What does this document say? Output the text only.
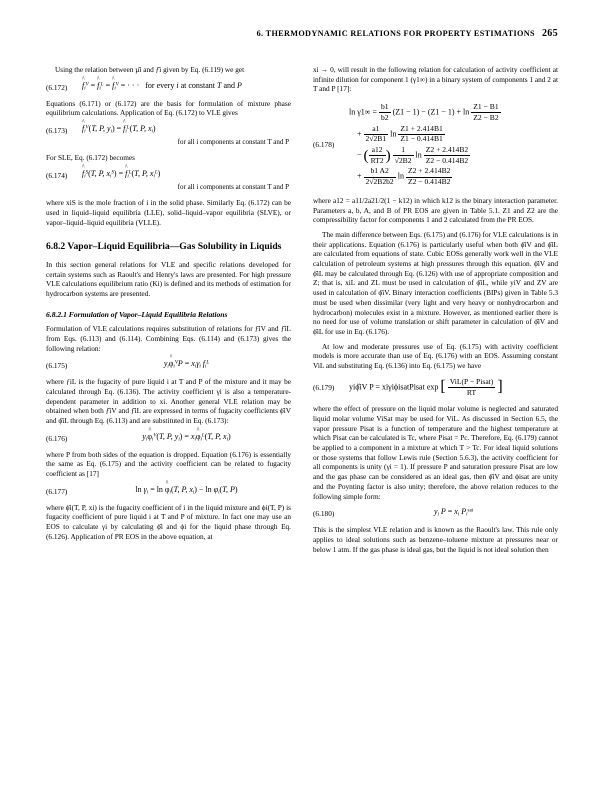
6. THERMODYNAMIC RELATIONS FOR PROPERTY ESTIMATIONS 265

Using the relation between µ̂i and ƒ̂i given by Eq. (6.119) we get

(6.172)	^ $f_i^V$ = ^ $f_i^L$ = ^ $f_i^V$ = · · ·   for every i at constant T and P

Equations (6.171) or (6.172) are the basis for formulation of mixture phase equilibrium calculations. Application of Eq. (6.172) to VLE gives

(6.173)	^ $f_i^V(T$, P, $y_i$) = ^ $f_i^L(T$, P, $x_i$)
for all i components at constant T and P

For SLE, Eq. (6.172) becomes

(6.174)	^ $f_i^S(T$, P, $x_i^S$) = ^ $f_i^L(T$, P, $x_i^L$)
for all i components at constant T and P

where xiS is the mole fraction of i in the solid phase. Similarly Eq. (6.172) can be used in liquid–liquid equilibria (LLE), solid–liquid–vapor equilibria (SLVE), or vapor–liquid–liquid equilibria (VLLE).

6.8.2 Vapor–Liquid Equilibria—Gas Solubility in Liquids

In this section general relations for VLE and specific relations developed for certain systems such as Raoult's and Henry's laws are presented. For high pressure VLE calculations equilibrium ratio (Ki) is defined and its methods of estimation for hydrocarbon systems are presented.

6.8.2.1 Formulation of Vapor–Liquid Equilibria Relations

Formulation of VLE calculations requires substitution of relations for ƒ̂iV and ƒ̂iL from Eqs. (6.113) and (6.114). Combining Eqs. (6.114) and (6.173) gives the following relation:

(6.175)	$y_i\^{}$ $\varphi_i^VP = x_i\gamma_i$ $f_i^L$

where ƒiL is the fugacity of pure liquid i at T and P of the mixture and it may be calculated through Eq. (6.136). The activity coefficient γi is also a temperature-dependent parameter in addition to xi. Another general VLE relation may be obtained when both ƒ̂iV and ƒ̂iL are expressed in terms of fugacity coefficients ϕ̂iV and ϕ̂iL through Eq. (6.113) and are substituted in Eq. (6.173):

(6.176)	$y_i\^{}$ $\varphi_i^V(T$, P, $y_i$) = $x_i\^{}$ $\varphi_i^L(T$, P, $x_i$)

where P from both sides of the equation is dropped. Equation (6.176) is essentially the same as Eq. (6.175) and the activity coefficient can be related to fugacity coefficient as [17]

(6.177)	$\ln \gamma_i = \ln$ ^ $\varphi_i(T$, P, $x_i) - \ln \varphi_i(T$, P)

where ϕ̂i(T, P, xi) is the fugacity coefficient of i in the liquid mixture and ϕi(T, P) is fugacity coefficient of pure liquid i at T and P of mixture. In fact one may use an EOS to calculate γi by calculating ϕ̂i and ϕi for the liquid phase through Eq. (6.126). Application of PR EOS in the above equation, at

xi → 0, will result in the following relation for calculation of activity coefficient at infinite dilution for component 1 (γ1∞) in a binary system of components 1 and 2 at T and P [17]:

(6.178)
$\ln \gamma 1\infty = \frac{b1}{b2} (Z1 - 1) - (Z1 - 1) + \ln \frac{Z1 - B1}{Z2 - B2}$
+ $\frac{a1}{2√2B1}$ $\ln \frac{Z1 + 2.414B1}{Z1 - 0.414B1}$
− ( $\frac{a12}{RT2}$ ) $\frac{1}{√2B2}$ $\ln \frac{Z2 + 2.414B2}{Z2 - 0.414B2}$
+ $\frac{b1 A2}{2√2B2b2}$ $\ln \frac{Z2 + 2.414B2}{Z2 - 0.414B2}$

where a12 = a11/2a21/2(1 − k12) in which k12 is the binary interaction parameter. Parameters a, b, A, and B of PR EOS are given in Table 5.1. Z1 and Z2 are the compressibility factor for components 1 and 2 calculated from the PR EOS.

The main difference between Eqs. (6.175) and (6.176) for VLE calculations is in their applications. Equation (6.176) is particularly useful when both ϕ̂iV and ϕ̂iL are calculated from equations of state. Cubic EOSs generally work well in the VLE calculation of petroleum systems at high pressures through this equation. ϕ̂iV and ϕ̂iL may be calculated through Eq. (6.126) with use of appropriate composition and Z; that is, xiL and ZL must be used in calculation of ϕ̂iL, while yiV and ZV are used in calculation of ϕ̂iV. Binary interaction coefficients (BIPs) given in Table 5.3 must be used when dissimilar (very light and very heavy or nonhydrocarbon and hydrocarbon) molecules exist in a mixture. However, as mentioned earlier there is no need for use of volume translation or shift parameter in calculation of ϕ̂iV and ϕ̂iL for use in Eq. (6.176).

At low and moderate pressures use of Eq. (6.175) with activity coefficient models is more accurate than use of Eq. (6.176) with an EOS. Assuming constant ViL and substituting Eq. (6.136) into Eq. (6.175) we have

(6.179)	yiϕ̂iV P = xiγiϕisatPisat exp [ $\frac{\text{ViL(P − Pisat)}}{RT}$ ]

where the effect of pressure on the liquid molar volume is neglected and saturated liquid molar volume ViSat may be used for ViL. As discussed in Section 6.5, the vapor pressure Pisat is a function of temperature and the highest temperature at which Pisat can be calculated is Tc, where Pisat = Pc. Therefore, Eq. (6.179) cannot be applied to a component in a mixture at which T > Tc. For ideal liquid solutions or those systems that follow Lewis rule (Section 5.6.3), the activity coefficient for all components is unity (γi = 1). If pressure P and saturation pressure Pisat are low and the gas phase can be considered as an ideal gas, then ϕ̂iV and ϕisat are unity and the Poynting factor is also unity; therefore, the above relation reduces to the following simple form:

(6.180)	$y_i$ $P = x_i$ $P_i^{sat}$

This is the simplest VLE relation and is known as the Raoult's law. This rule only applies to ideal solutions such as benzene–toluene mixture at pressures near or below 1 atm. If the gas phase is ideal gas, but the liquid is not ideal solution then
